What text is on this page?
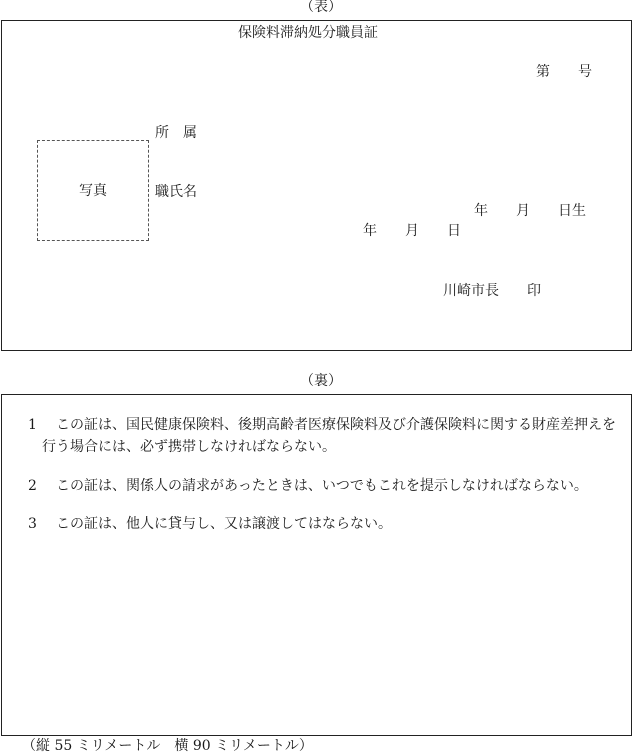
（表）
保険料滞納処分職員証
第　　号
写真
所　属
職氏名
年　　月　　日生
年　　月　　日
川崎市長　　印
（裏）
1	この証は、国民健康保険料、後期高齢者医療保険料及び介護保険料に関する財産差押えを行う場合には、必ず携帯しなければならない。
2	この証は、関係人の請求があったときは、いつでもこれを提示しなければならない。
3	この証は、他人に貸与し、又は譲渡してはならない。
（縦 55 ミリメートル　横 90 ミリメートル）
